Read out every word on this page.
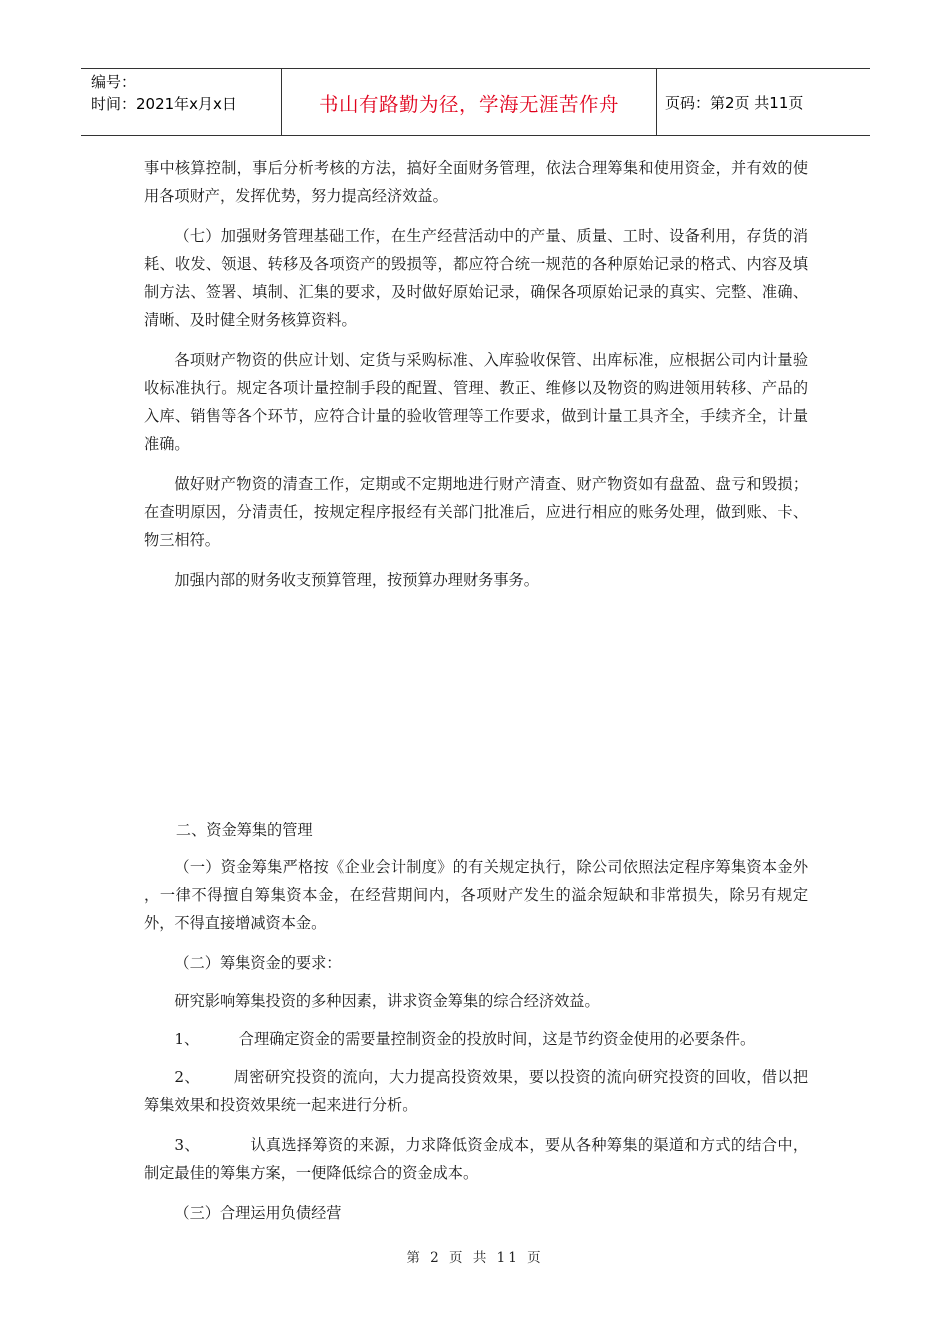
编号：
时间：2021年x月x日	书山有路勤为径，学海无涯苦作舟	页码：第2页 共11页

事中核算控制，事后分析考核的方法，搞好全面财务管理，依法合理筹集和使用资金，并有效的使用各项财产，发挥优势，努力提高经济效益。

（七）加强财务管理基础工作，在生产经营活动中的产量、质量、工时、设备利用，存货的消耗、收发、领退、转移及各项资产的毁损等，都应符合统一规范的各种原始记录的格式、内容及填制方法、签署、填制、汇集的要求，及时做好原始记录，确保各项原始记录的真实、完整、准确、清晰、及时健全财务核算资料。

各项财产物资的供应计划、定货与采购标准、入库验收保管、出库标准，应根据公司内计量验收标准执行。规定各项计量控制手段的配置、管理、教正、维修以及物资的购进领用转移、产品的入库、销售等各个环节，应符合计量的验收管理等工作要求，做到计量工具齐全，手续齐全，计量准确。

做好财产物资的清查工作，定期或不定期地进行财产清查、财产物资如有盘盈、盘亏和毁损；在查明原因，分清责任，按规定程序报经有关部门批准后，应进行相应的账务处理，做到账、卡、物三相符。

加强内部的财务收支预算管理，按预算办理财务事务。

二、资金筹集的管理

（一）资金筹集严格按《企业会计制度》的有关规定执行，除公司依照法定程序筹集资本金外 ，一律不得擅自筹集资本金，在经营期间内，各项财产发生的溢余短缺和非常损失，除另有规定外，不得直接增减资本金。

（二）筹集资金的要求：

研究影响筹集投资的多种因素，讲求资金筹集的综合经济效益。

1、	合理确定资金的需要量控制资金的投放时间，这是节约资金使用的必要条件。

2、 周密研究投资的流向，大力提高投资效果，要以投资的流向研究投资的回收，借以把筹集效果和投资效果统一起来进行分析。

3、	认真选择筹资的来源，力求降低资金成本，要从各种筹集的渠道和方式的结合中，制定最佳的筹集方案，一便降低综合的资金成本。

（三）合理运用负债经营

第 2 页 共 11 页
